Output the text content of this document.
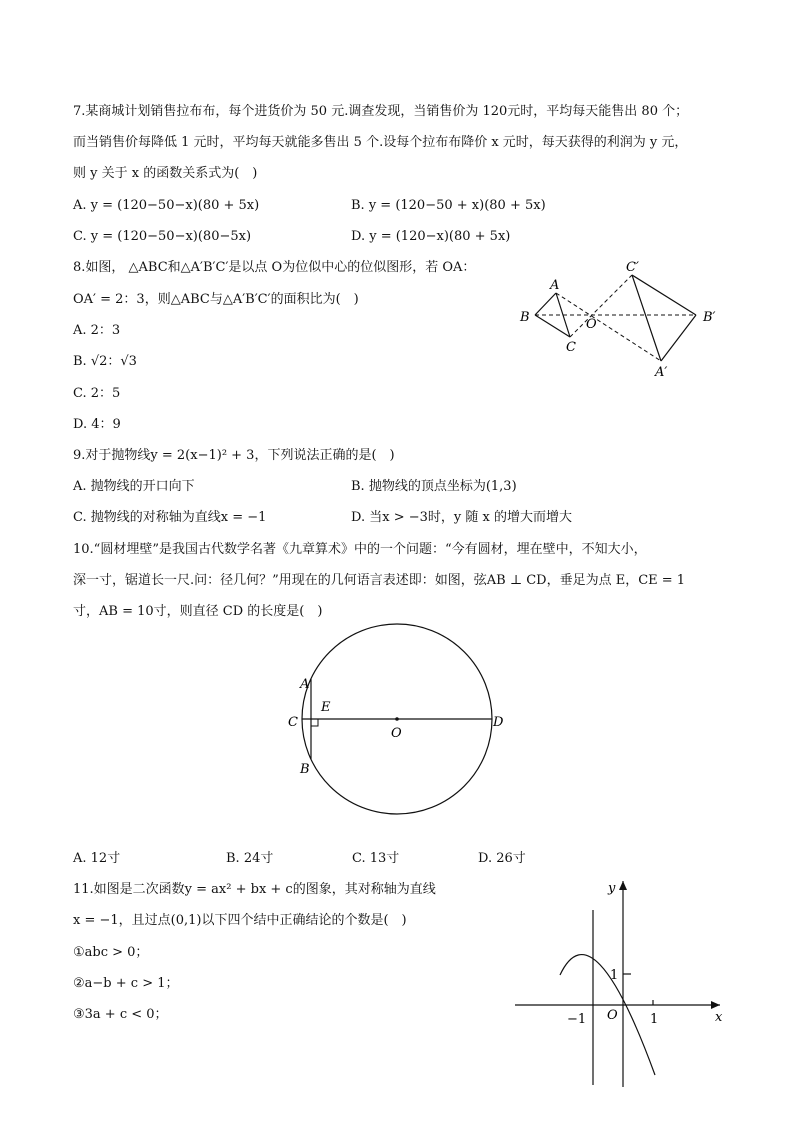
7.某商城计划销售拉布布，每个进货价为 50 元.调查发现，当销售价为 120元时，平均每天能售出 80 个；
而当销售价每降低 1 元时，平均每天就能多售出 5 个.设每个拉布布降价 x 元时，每天获得的利润为 y 元，
则 y 关于 x 的函数关系式为(　)
A. y = (120−50−x)(80 + 5x)	B. y = (120−50 + x)(80 + 5x)
C. y = (120−50−x)(80−5x)	D. y = (120−x)(80 + 5x)
8.如图， △ABC和△A′B′C′是以点 O为位似中心的位似图形，若 OA：
OA′ = 2：3，则△ABC与△A′B′C′的面积比为(　)
A. 2：3
B. √2：√3
C. 2：5
D. 4：9
A
B
C
O
A′
B′
C′
9.对于抛物线y = 2(x−1)² + 3，下列说法正确的是(　)
A. 抛物线的开口向下	B. 抛物线的顶点坐标为(1,3)
C. 抛物线的对称轴为直线x = −1	D. 当x > −3时，y 随 x 的增大而增大
10.“圆材埋壁”是我国古代数学名著《九章算术》中的一个问题：“今有圆材，埋在壁中，不知大小，
深一寸，锯道长一尺.问：径几何？”用现在的几何语言表述即：如图，弦AB ⊥ CD，垂足为点 E，CE = 1
寸，AB = 10寸，则直径 CD 的长度是(　)
A
B
C	D
E
O
A. 12寸	B. 24寸	C. 13寸	D. 26寸
11.如图是二次函数y = ax² + bx + c的图象，其对称轴为直线
x = −1，且过点(0,1)以下四个结中正确结论的个数是(　)
①abc > 0；
②a−b + c > 1；
③3a + c < 0；	x
y
O
1
−1	1
